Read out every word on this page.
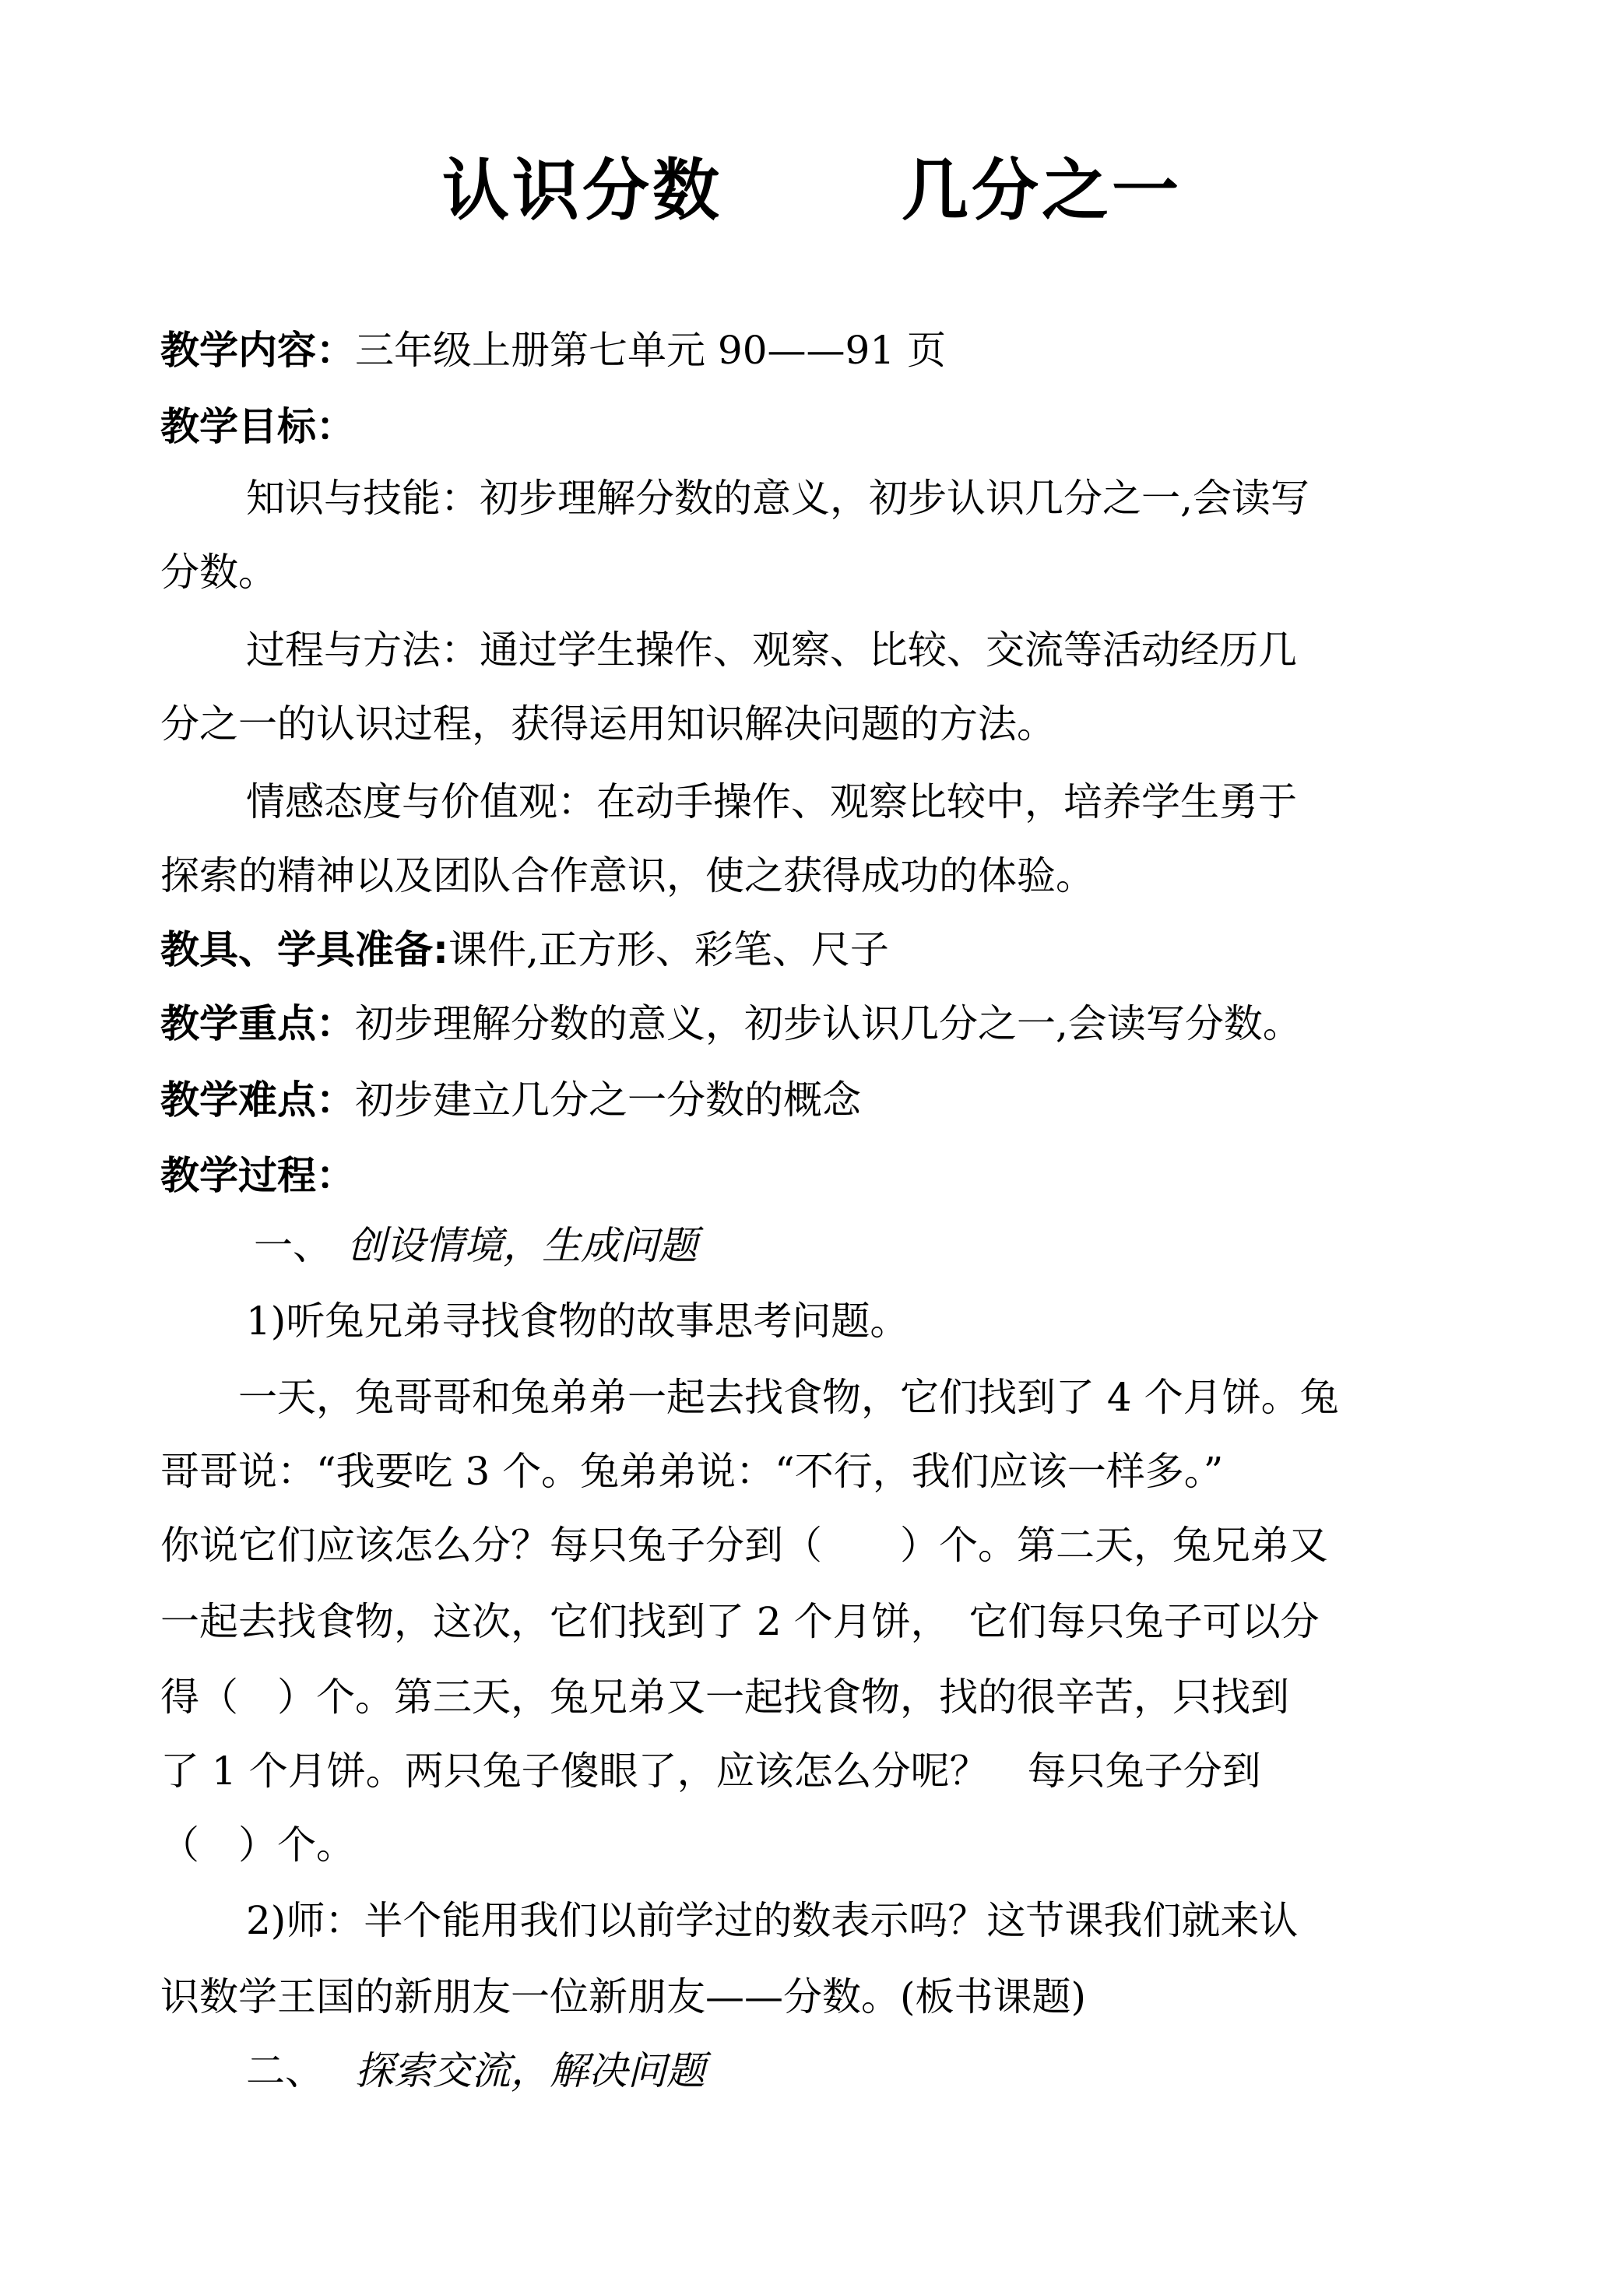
认识分数	几分之一
教学内容：三年级上册第七单元 90——91 页
教学目标：
知识与技能：初步理解分数的意义，初步认识几分之一,会读写
分数。
过程与方法：通过学生操作、观察、比较、交流等活动经历几
分之一的认识过程，获得运用知识解决问题的方法。
情感态度与价值观：在动手操作、观察比较中，培养学生勇于
探索的精神以及团队合作意识，使之获得成功的体验。
教具、学具准备:课件,正方形、彩笔、尺子
教学重点：初步理解分数的意义，初步认识几分之一,会读写分数。
教学难点：初步建立几分之一分数的概念
教学过程：
一、 创设情境，生成问题
1)听兔兄弟寻找食物的故事思考问题。
一天，兔哥哥和兔弟弟一起去找食物，它们找到了 4 个月饼。兔
哥哥说：“我要吃 3 个。兔弟弟说：“不行，我们应该一样多。”
你说它们应该怎么分？每只兔子分到（　　）个。第二天，兔兄弟又
一起去找食物，这次，它们找到了 2 个月饼，　它们每只兔子可以分
得（　）个。第三天，兔兄弟又一起找食物，找的很辛苦，只找到
了 1 个月饼。两只兔子傻眼了，应该怎么分呢？　每只兔子分到
（　）个。
2)师：半个能用我们以前学过的数表示吗？这节课我们就来认
识数学王国的新朋友一位新朋友——分数。(板书课题)
二、 探索交流，解决问题
